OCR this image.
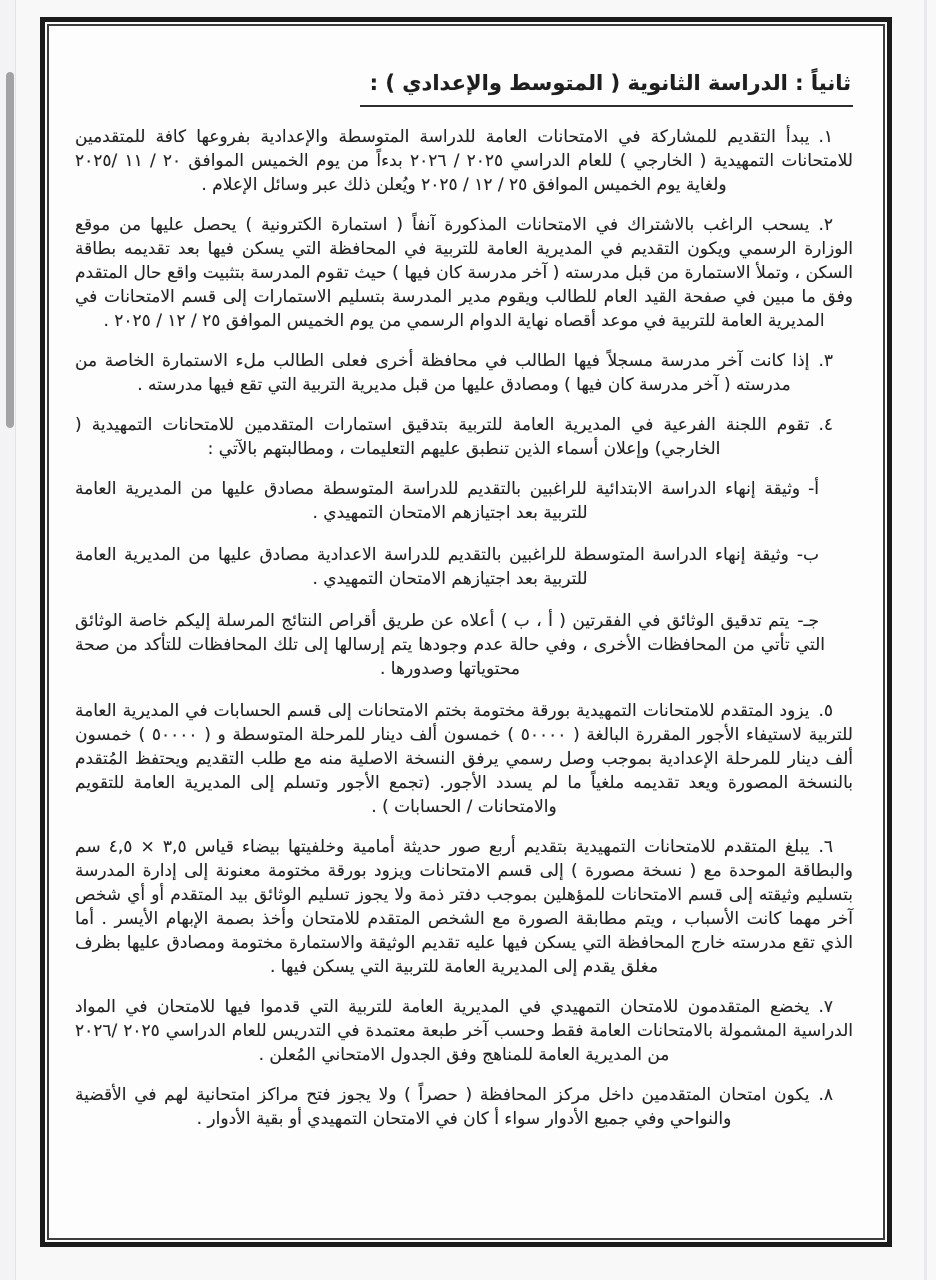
ثانياً : الدراسة الثانوية ( المتوسط والإعدادي ) :

١.يبدأ التقديم للمشاركة في الامتحانات العامة للدراسة المتوسطة والإعدادية بفروعها كافة للمتقدمين للامتحانات التمهيدية ( الخارجي ) للعام الدراسي ٢٠٢٥ / ٢٠٢٦ بدءاً من يوم الخميس الموافق ٢٠ / ١١ /٢٠٢٥ ولغاية يوم الخميس الموافق ٢٥ / ١٢ / ٢٠٢٥ ويُعلن ذلك عبر وسائل الإعلام .

٢.يسحب الراغب بالاشتراك في الامتحانات المذكورة آنفاً ( استمارة الكترونية ) يحصل عليها من موقع الوزارة الرسمي ويكون التقديم في المديرية العامة للتربية في المحافظة التي يسكن فيها بعد تقديمه بطاقة السكن ، وتملأ الاستمارة من قبل مدرسته ( آخر مدرسة كان فيها ) حيث تقوم المدرسة بتثبيت واقع حال المتقدم وفق ما مبين في صفحة القيد العام للطالب ويقوم مدير المدرسة بتسليم الاستمارات إلى قسم الامتحانات في المديرية العامة للتربية في موعد أقصاه نهاية الدوام الرسمي من يوم الخميس الموافق ٢٥ / ١٢ / ٢٠٢٥ .

٣.إذا كانت آخر مدرسة مسجلاً فيها الطالب في محافظة أخرى فعلى الطالب ملء الاستمارة الخاصة من مدرسته ( آخر مدرسة كان فيها ) ومصادق عليها من قبل مديرية التربية التي تقع فيها مدرسته .

٤.تقوم اللجنة الفرعية في المديرية العامة للتربية بتدقيق استمارات المتقدمين للامتحانات التمهيدية ( الخارجي) وإعلان أسماء الذين تنطبق عليهم التعليمات ، ومطالبتهم بالآتي :

أ-وثيقة إنهاء الدراسة الابتدائية للراغبين بالتقديم للدراسة المتوسطة مصادق عليها من المديرية العامة للتربية بعد اجتيازهم الامتحان التمهيدي .

ب-وثيقة إنهاء الدراسة المتوسطة للراغبين بالتقديم للدراسة الاعدادية مصادق عليها من المديرية العامة للتربية بعد اجتيازهم الامتحان التمهيدي .

جـ-يتم تدقيق الوثائق في الفقرتين ( أ ، ب ) أعلاه عن طريق أقراص النتائج المرسلة إليكم خاصة الوثائق التي تأتي من المحافظات الأخرى ، وفي حالة عدم وجودها يتم إرسالها إلى تلك المحافظات للتأكد من صحة محتوياتها وصدورها .

٥.يزود المتقدم للامتحانات التمهيدية بورقة مختومة بختم الامتحانات إلى قسم الحسابات في المديرية العامة للتربية لاستيفاء الأجور المقررة البالغة ( ٥٠٠٠٠ ) خمسون ألف دينار للمرحلة المتوسطة و ( ٥٠٠٠٠ ) خمسون ألف دينار للمرحلة الإعدادية بموجب وصل رسمي يرفق النسخة الاصلية منه مع طلب التقديم ويحتفظ المُتقدم بالنسخة المصورة ويعد تقديمه ملغياً ما لم يسدد الأجور. (تجمع الأجور وتسلم إلى المديرية العامة للتقويم والامتحانات / الحسابات ) .

٦.يبلغ المتقدم للامتحانات التمهيدية بتقديم أربع صور حديثة أمامية وخلفيتها بيضاء قياس ٣,٥ × ٤,٥ سم والبطاقة الموحدة مع ( نسخة مصورة ) إلى قسم الامتحانات ويزود بورقة مختومة معنونة إلى إدارة المدرسة بتسليم وثيقته إلى قسم الامتحانات للمؤهلين بموجب دفتر ذمة ولا يجوز تسليم الوثائق بيد المتقدم أو أي شخص آخر مهما كانت الأسباب ، ويتم مطابقة الصورة مع الشخص المتقدم للامتحان وأخذ بصمة الإبهام الأيسر . أما الذي تقع مدرسته خارج المحافظة التي يسكن فيها عليه تقديم الوثيقة والاستمارة مختومة ومصادق عليها بظرف مغلق يقدم إلى المديرية العامة للتربية التي يسكن فيها .

٧.يخضع المتقدمون للامتحان التمهيدي في المديرية العامة للتربية التي قدموا فيها للامتحان في المواد الدراسية المشمولة بالامتحانات العامة فقط وحسب آخر طبعة معتمدة في التدريس للعام الدراسي ٢٠٢٥ /٢٠٢٦ من المديرية العامة للمناهج وفق الجدول الامتحاني المُعلن .

٨.يكون امتحان المتقدمين داخل مركز المحافظة ( حصراً ) ولا يجوز فتح مراكز امتحانية لهم في الأقضية والنواحي وفي جميع الأدوار سواء أ كان في الامتحان التمهيدي أو بقية الأدوار .
